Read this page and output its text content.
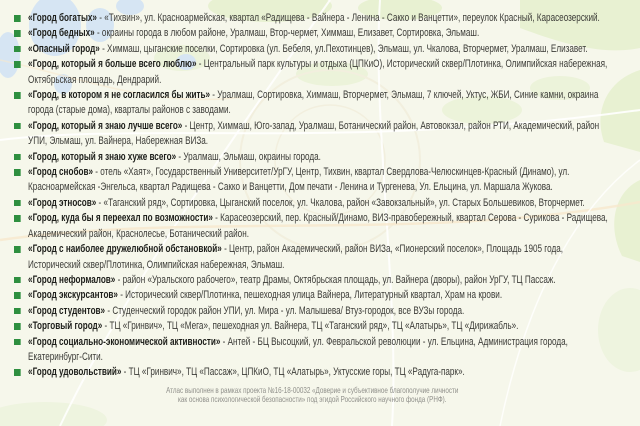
«Город богатых» - «Тихвин», ул. Красноармейская, квартал «Радищева - Вайнера - Ленина - Сакко и Ванцетти», переулок Красный, Карасеозерский.
«Город бедных» - окраины города в любом районе, Уралмаш, Втор-чермет, Химмаш, Елизавет, Сортировка, Эльмаш.
«Опасный город» - Химмаш, цыганские поселки, Сортировка (ул. Бебеля, ул.Пехотинцев), Эльмаш, ул. Чкалова, Вторчермет, Уралмаш, Елизавет.
«Город, который я больше всего люблю» - Центральный парк культуры и отдыха (ЦПКиО), Исторический сквер/Плотинка, Олимпийская набережная, Октябрьская площадь, Дендрарий.
«Город, в котором я не согласился бы жить» - Уралмаш, Сортировка, Химмаш, Вторчермет, Эльмаш, 7 ключей, Уктус, ЖБИ, Синие камни, окраина города (старые дома), кварталы районов с заводами.
«Город, который я знаю лучше всего» - Центр, Химмаш, Юго-запад, Уралмаш, Ботанический район, Автовокзал, район РТИ, Академический, район УПИ, Эльмаш, ул. Вайнера, Набережная ВИЗа.
«Город, который я знаю хуже всего» - Уралмаш, Эльмаш, окраины города.
«Город снобов» - отель «Хаят», Государственный Университет/УрГУ, Центр, Тихвин, квартал Свердлова-Челюскинцев-Красный (Динамо), ул. Красноармейская -Энгельса, квартал Радищева - Сакко и Ванцетти, Дом печати - Ленина и Тургенева, Ул. Ельцина, ул. Маршала Жукова.
«Город этносов» - «Таганский ряд», Сортировка, Цыганский поселок, ул. Чкалова, район «Завокзальный», ул. Старых Большевиков, Вторчермет.
«Город, куда бы я переехал по возможности» - Карасеозерский, пер. Красный/Динамо, ВИЗ-правобережный, квартал Серова - Сурикова - Радищева, Академический район, Краснолесье, Ботанический район.
«Город с наиболее дружелюбной обстановкой» - Центр, район Академический, район ВИЗа, «Пионерский поселок», Площадь 1905 года, Исторический сквер/Плотинка, Олимпийская набережная, Эльмаш.
«Город неформалов» - район «Уральского рабочего», театр Драмы, Октябрьская площадь, ул. Вайнера (дворы), район УрГУ, ТЦ Пассаж.
«Город экскурсантов» - Исторический сквер/Плотинка, пешеходная улица Вайнера, Литературный квартал, Храм на крови.
«Город студентов» - Студенческий городок район УПИ, ул. Мира - ул. Малышева/ Втуз-городок, все ВУЗы города.
«Торговый город» - ТЦ «Гринвич», ТЦ «Мега», пешеходная ул. Вайнера, ТЦ «Таганский ряд», ТЦ «Алатырь», ТЦ «Дирижабль».
«Город социально-экономической активности» - Антей - БЦ Высоцкий, ул. Февральской революции - ул. Ельцина, Администрация города, Екатеринбург-Сити.
«Город удовольствий» - ТЦ «Гринвич», ТЦ «Пассаж», ЦПКиО, ТЦ «Алатырь», Уктусские горы, ТЦ «Радуга-парк».
Атлас выполнен в рамках проекта №16-18-00032 «Доверие и субъективное благополучие личности
как основа психологической безопасности» под эгидой Российского научного фонда (РНФ).
